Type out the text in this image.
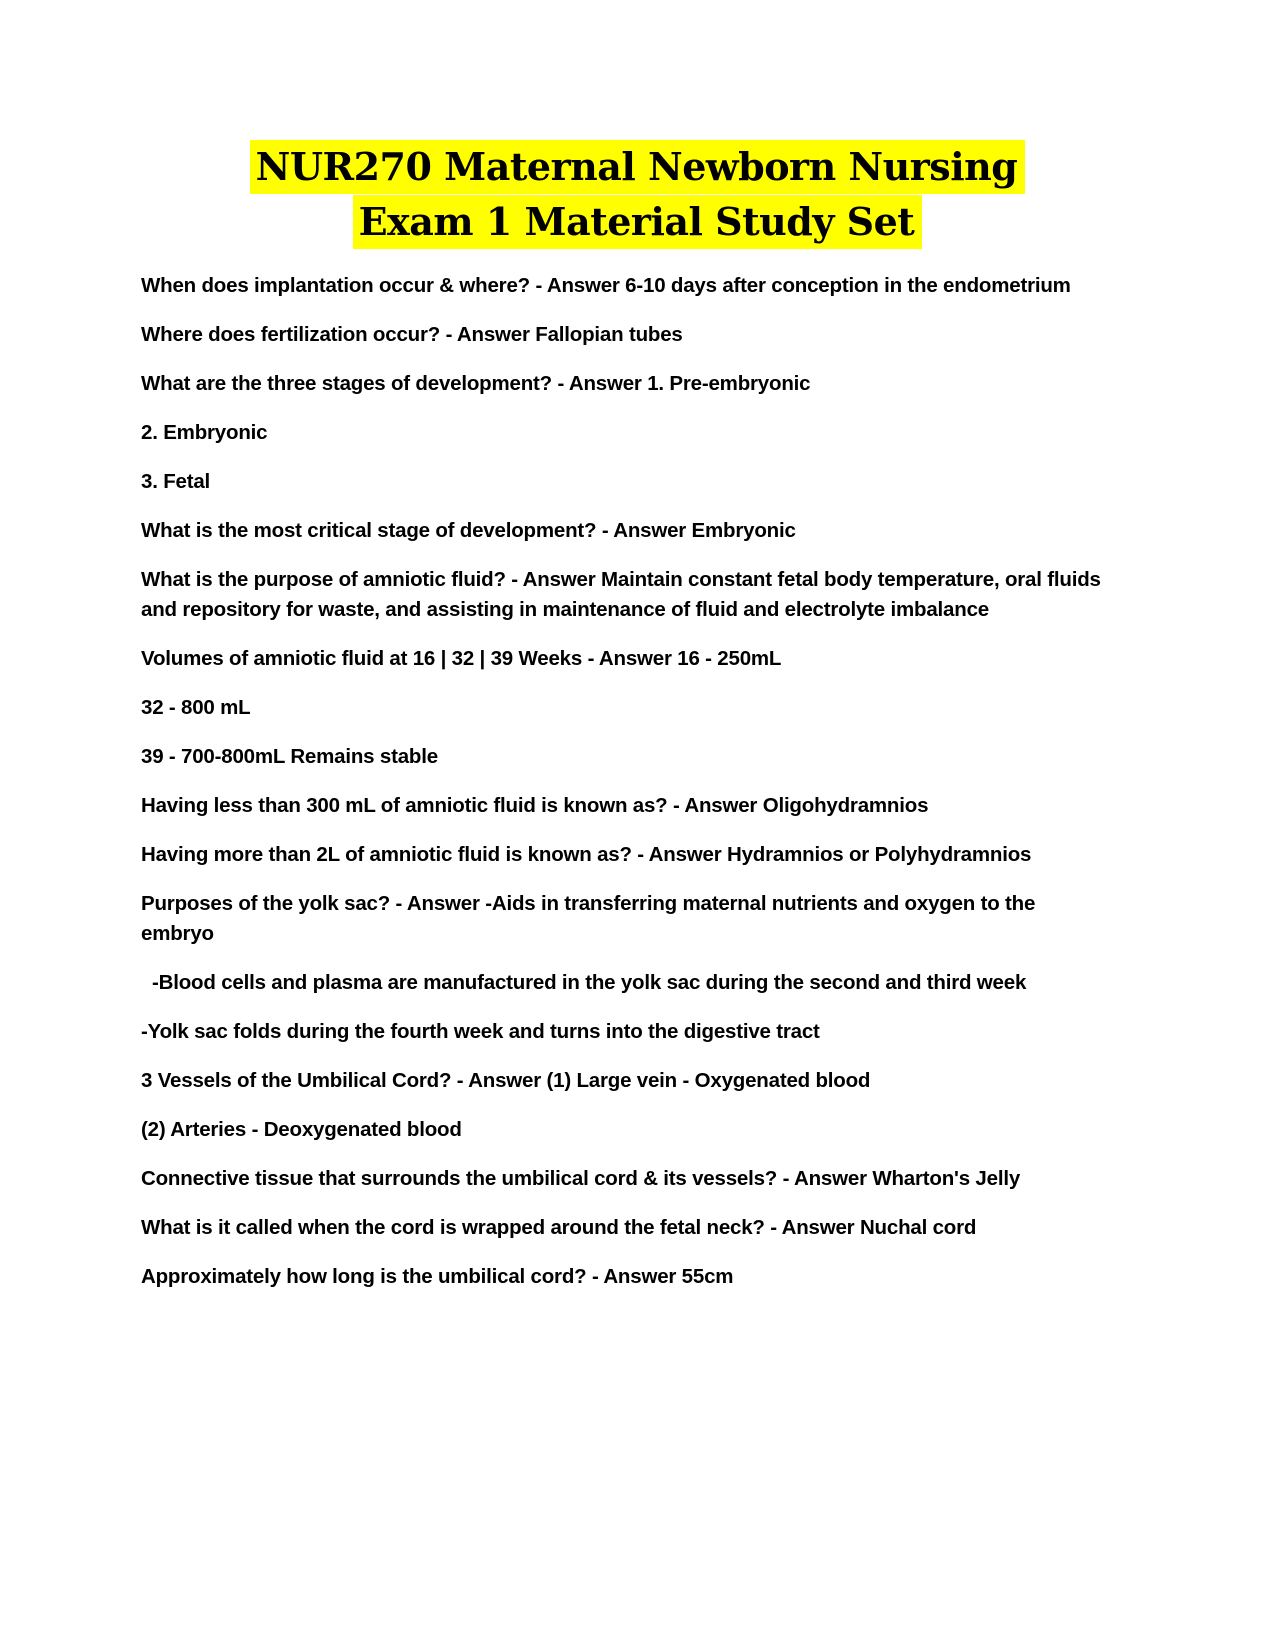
NUR270 Maternal Newborn Nursing
Exam 1 Material Study Set

When does implantation occur & where? - Answer 6-10 days after conception in the endometrium

Where does fertilization occur? - Answer Fallopian tubes

What are the three stages of development? - Answer 1. Pre-embryonic

2. Embryonic

3. Fetal

What is the most critical stage of development? - Answer Embryonic

What is the purpose of amniotic fluid? - Answer Maintain constant fetal body temperature, oral fluids and repository for waste, and assisting in maintenance of fluid and electrolyte imbalance

Volumes of amniotic fluid at 16 | 32 | 39 Weeks - Answer 16 - 250mL

32 - 800 mL

39 - 700-800mL Remains stable

Having less than 300 mL of amniotic fluid is known as? - Answer Oligohydramnios

Having more than 2L of amniotic fluid is known as? - Answer Hydramnios or Polyhydramnios

Purposes of the yolk sac? - Answer -Aids in transferring maternal nutrients and oxygen to the embryo

-Blood cells and plasma are manufactured in the yolk sac during the second and third week

-Yolk sac folds during the fourth week and turns into the digestive tract

3 Vessels of the Umbilical Cord? - Answer (1) Large vein - Oxygenated blood

(2) Arteries - Deoxygenated blood

Connective tissue that surrounds the umbilical cord & its vessels? - Answer Wharton's Jelly

What is it called when the cord is wrapped around the fetal neck? - Answer Nuchal cord

Approximately how long is the umbilical cord? - Answer 55cm
